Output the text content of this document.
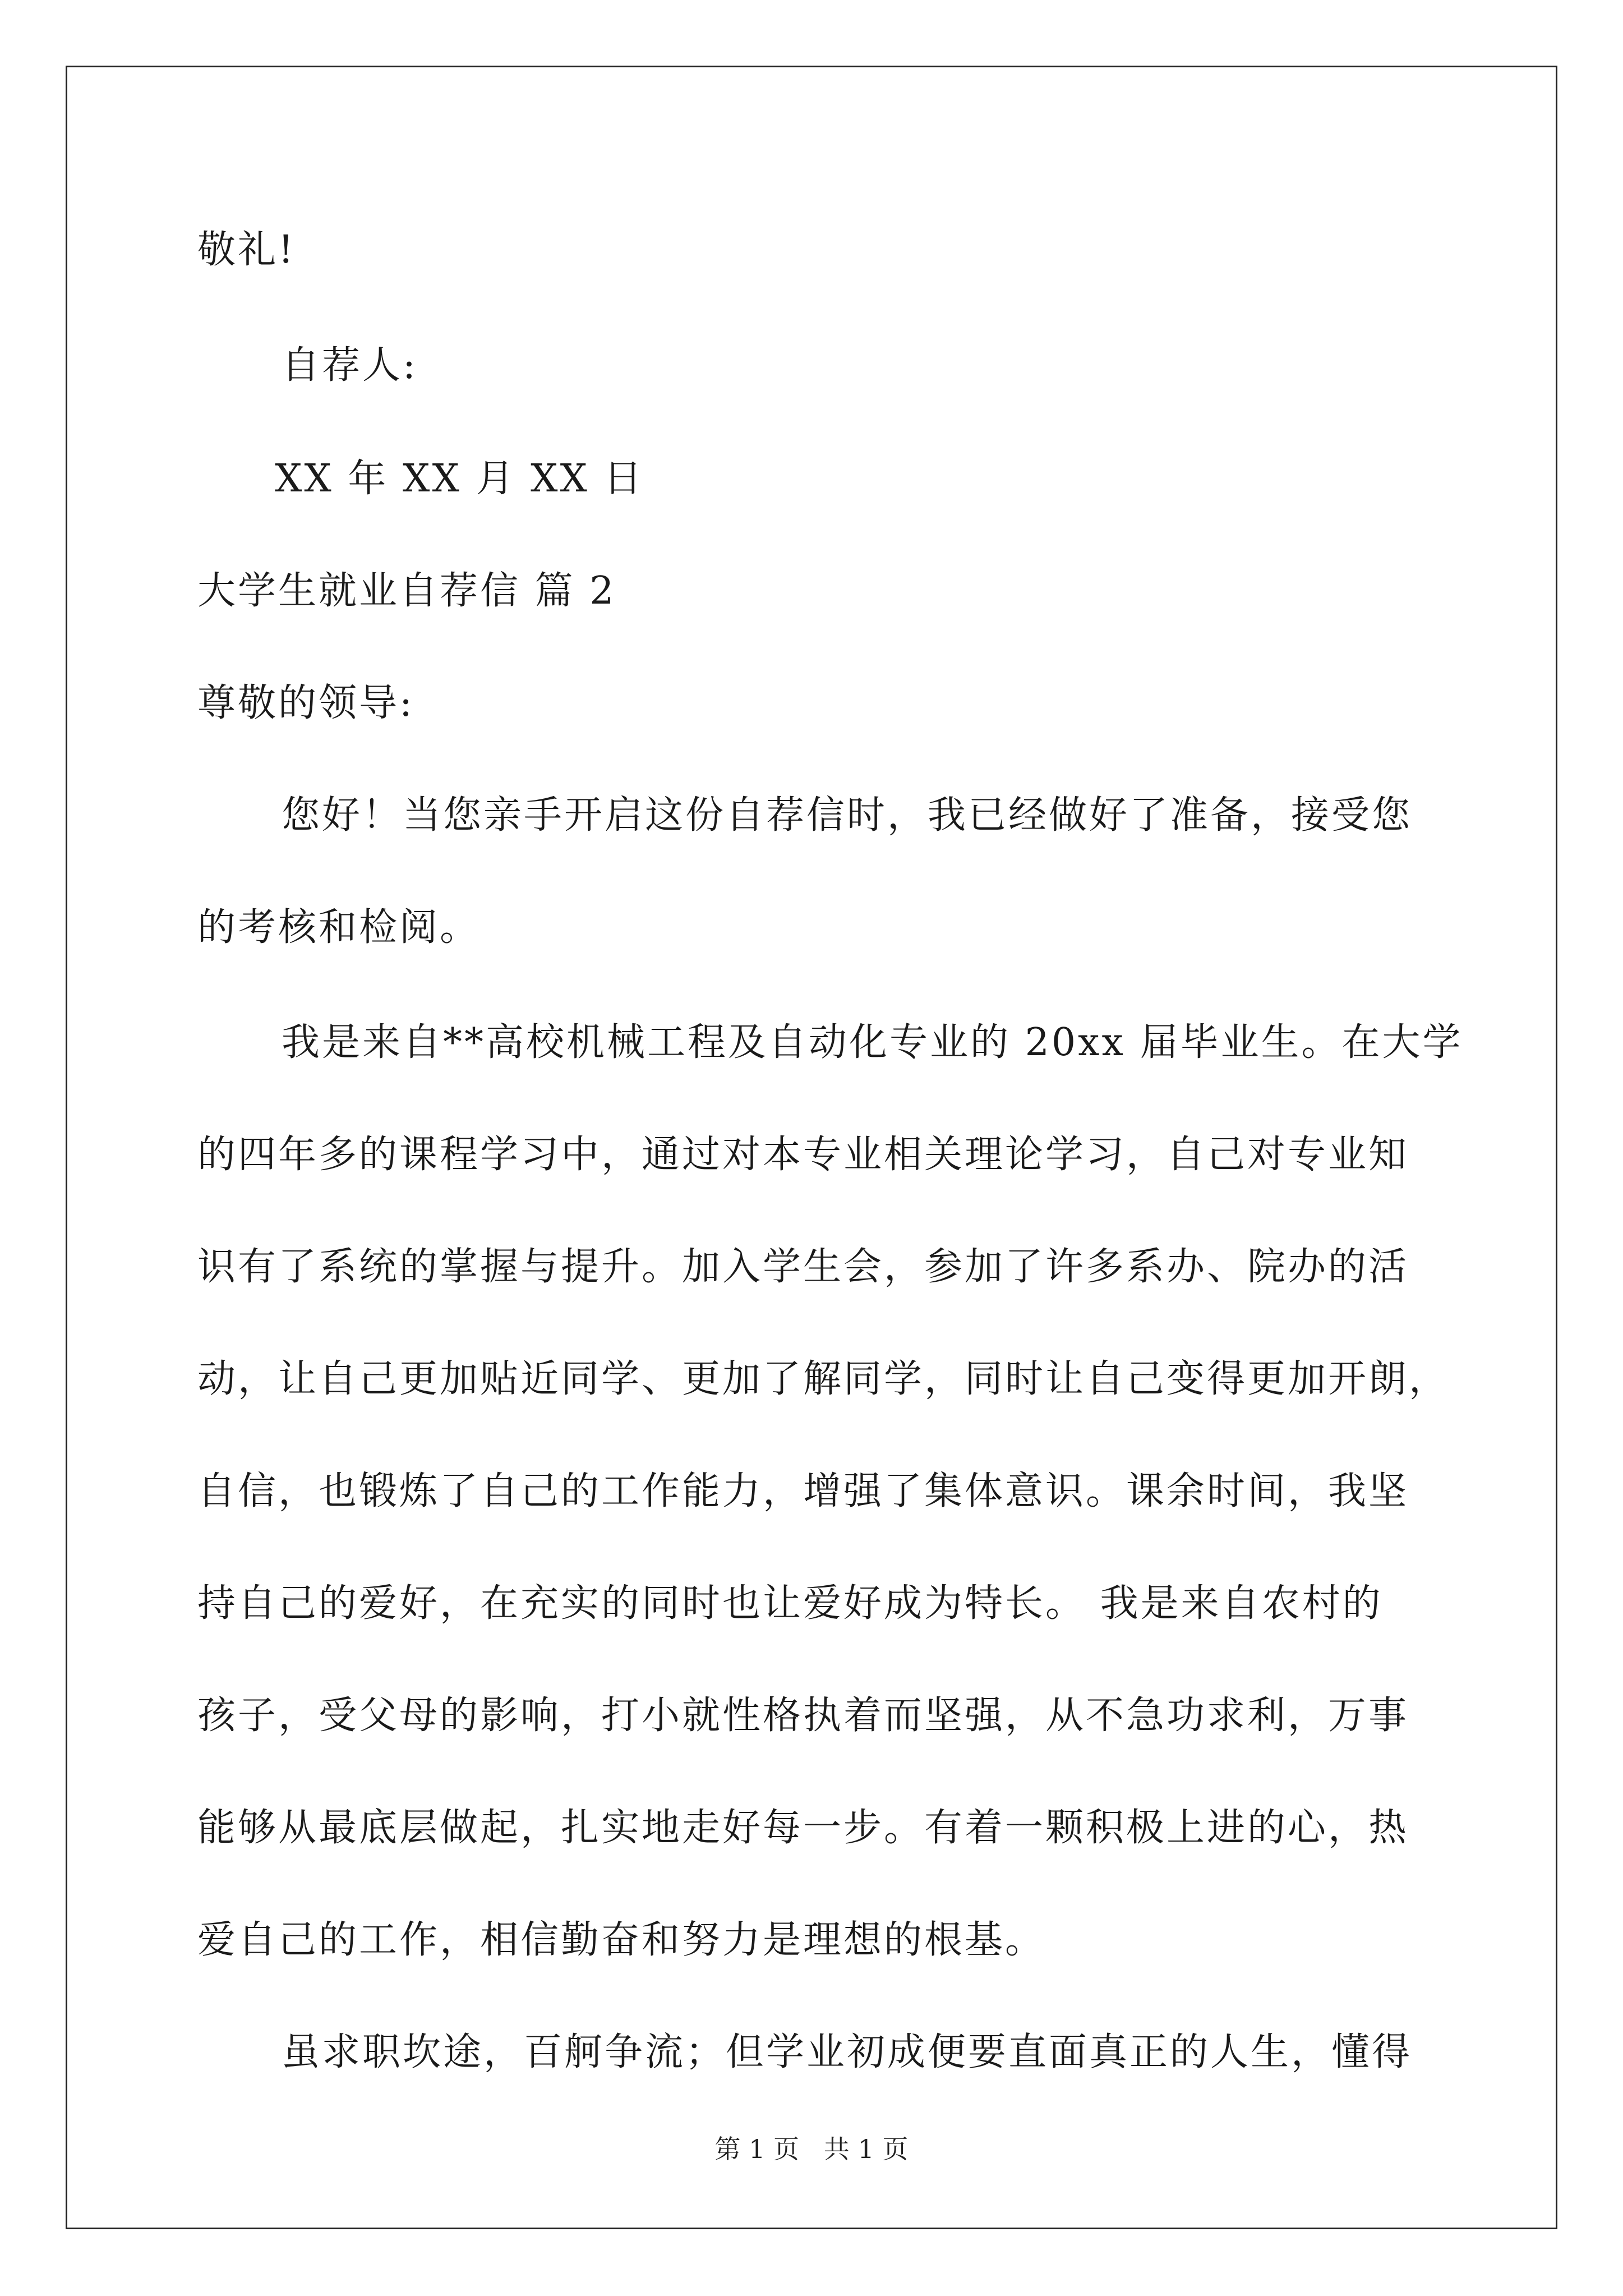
敬礼!

自荐人:

XX 年 XX 月 XX 日

大学生就业自荐信 篇 2

尊敬的领导:

您好！当您亲手开启这份自荐信时，我已经做好了准备，接受您

的考核和检阅。

我是来自**高校机械工程及自动化专业的 20xx 届毕业生。在大学

的四年多的课程学习中，通过对本专业相关理论学习，自己对专业知

识有了系统的掌握与提升。加入学生会，参加了许多系办、院办的活

动，让自己更加贴近同学、更加了解同学，同时让自己变得更加开朗，

自信，也锻炼了自己的工作能力，增强了集体意识。课余时间，我坚

持自己的爱好，在充实的同时也让爱好成为特长。 我是来自农村的

孩子，受父母的影响，打小就性格执着而坚强，从不急功求利，万事

能够从最底层做起，扎实地走好每一步。有着一颗积极上进的心，热

爱自己的工作，相信勤奋和努力是理想的根基。

虽求职坎途，百舸争流；但学业初成便要直面真正的人生，懂得

第 1 页   共 1 页
